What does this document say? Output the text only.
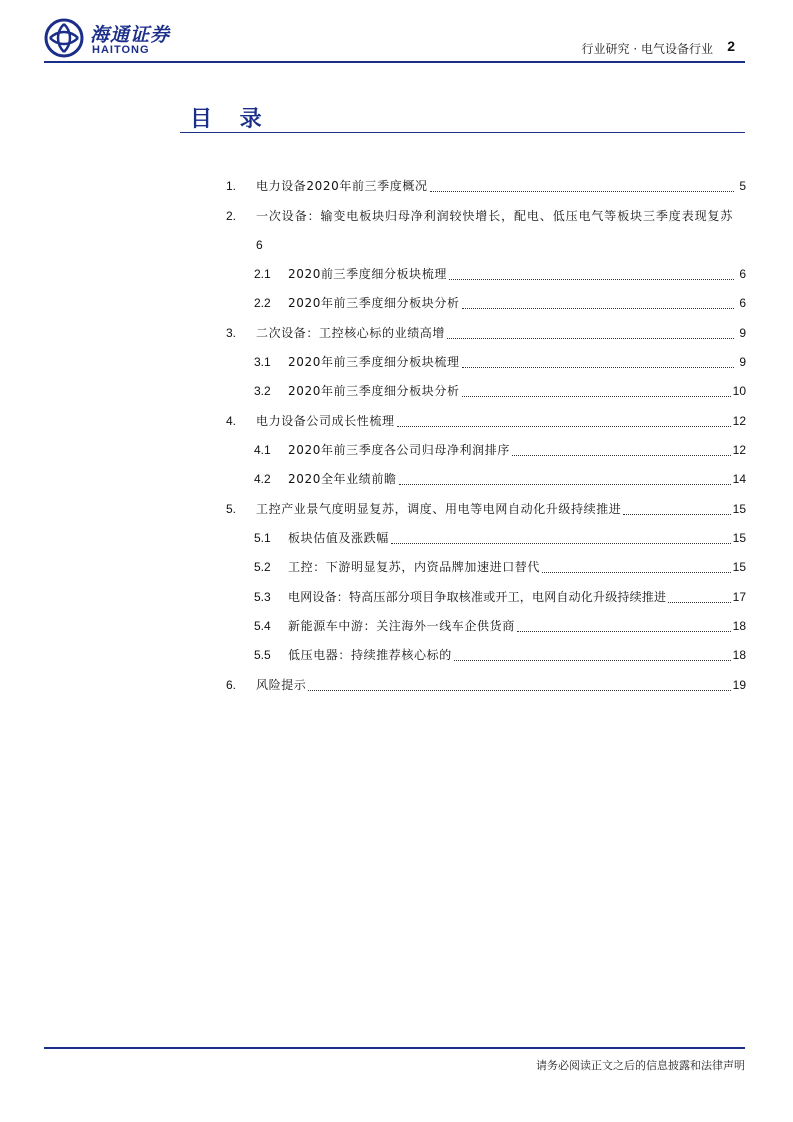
海通证券
HAITONG	行业研究 · 电气设备行业 2
目 录
1.	电力设备2020年前三季度概况	5
2. 一次设备：输变电板块归母净利润较快增长，配电、低压电气等板块三季度表现复苏
6
2.1	2020前三季度细分板块梳理	6
2.2	2020年前三季度细分板块分析	6
3.	二次设备：工控核心标的业绩高增	9
3.1	2020年前三季度细分板块梳理	9
3.2	2020年前三季度细分板块分析	10
4.	电力设备公司成长性梳理	12
4.1	2020年前三季度各公司归母净利润排序	12
4.2	2020全年业绩前瞻	14
5.	工控产业景气度明显复苏，调度、用电等电网自动化升级持续推进	15
5.1	板块估值及涨跌幅	15
5.2	工控：下游明显复苏，内资品牌加速进口替代	15
5.3	电网设备：特高压部分项目争取核准或开工，电网自动化升级持续推进	17
5.4	新能源车中游：关注海外一线车企供货商	18
5.5	低压电器：持续推荐核心标的	18
6.	风险提示	19
请务必阅读正文之后的信息披露和法律声明
